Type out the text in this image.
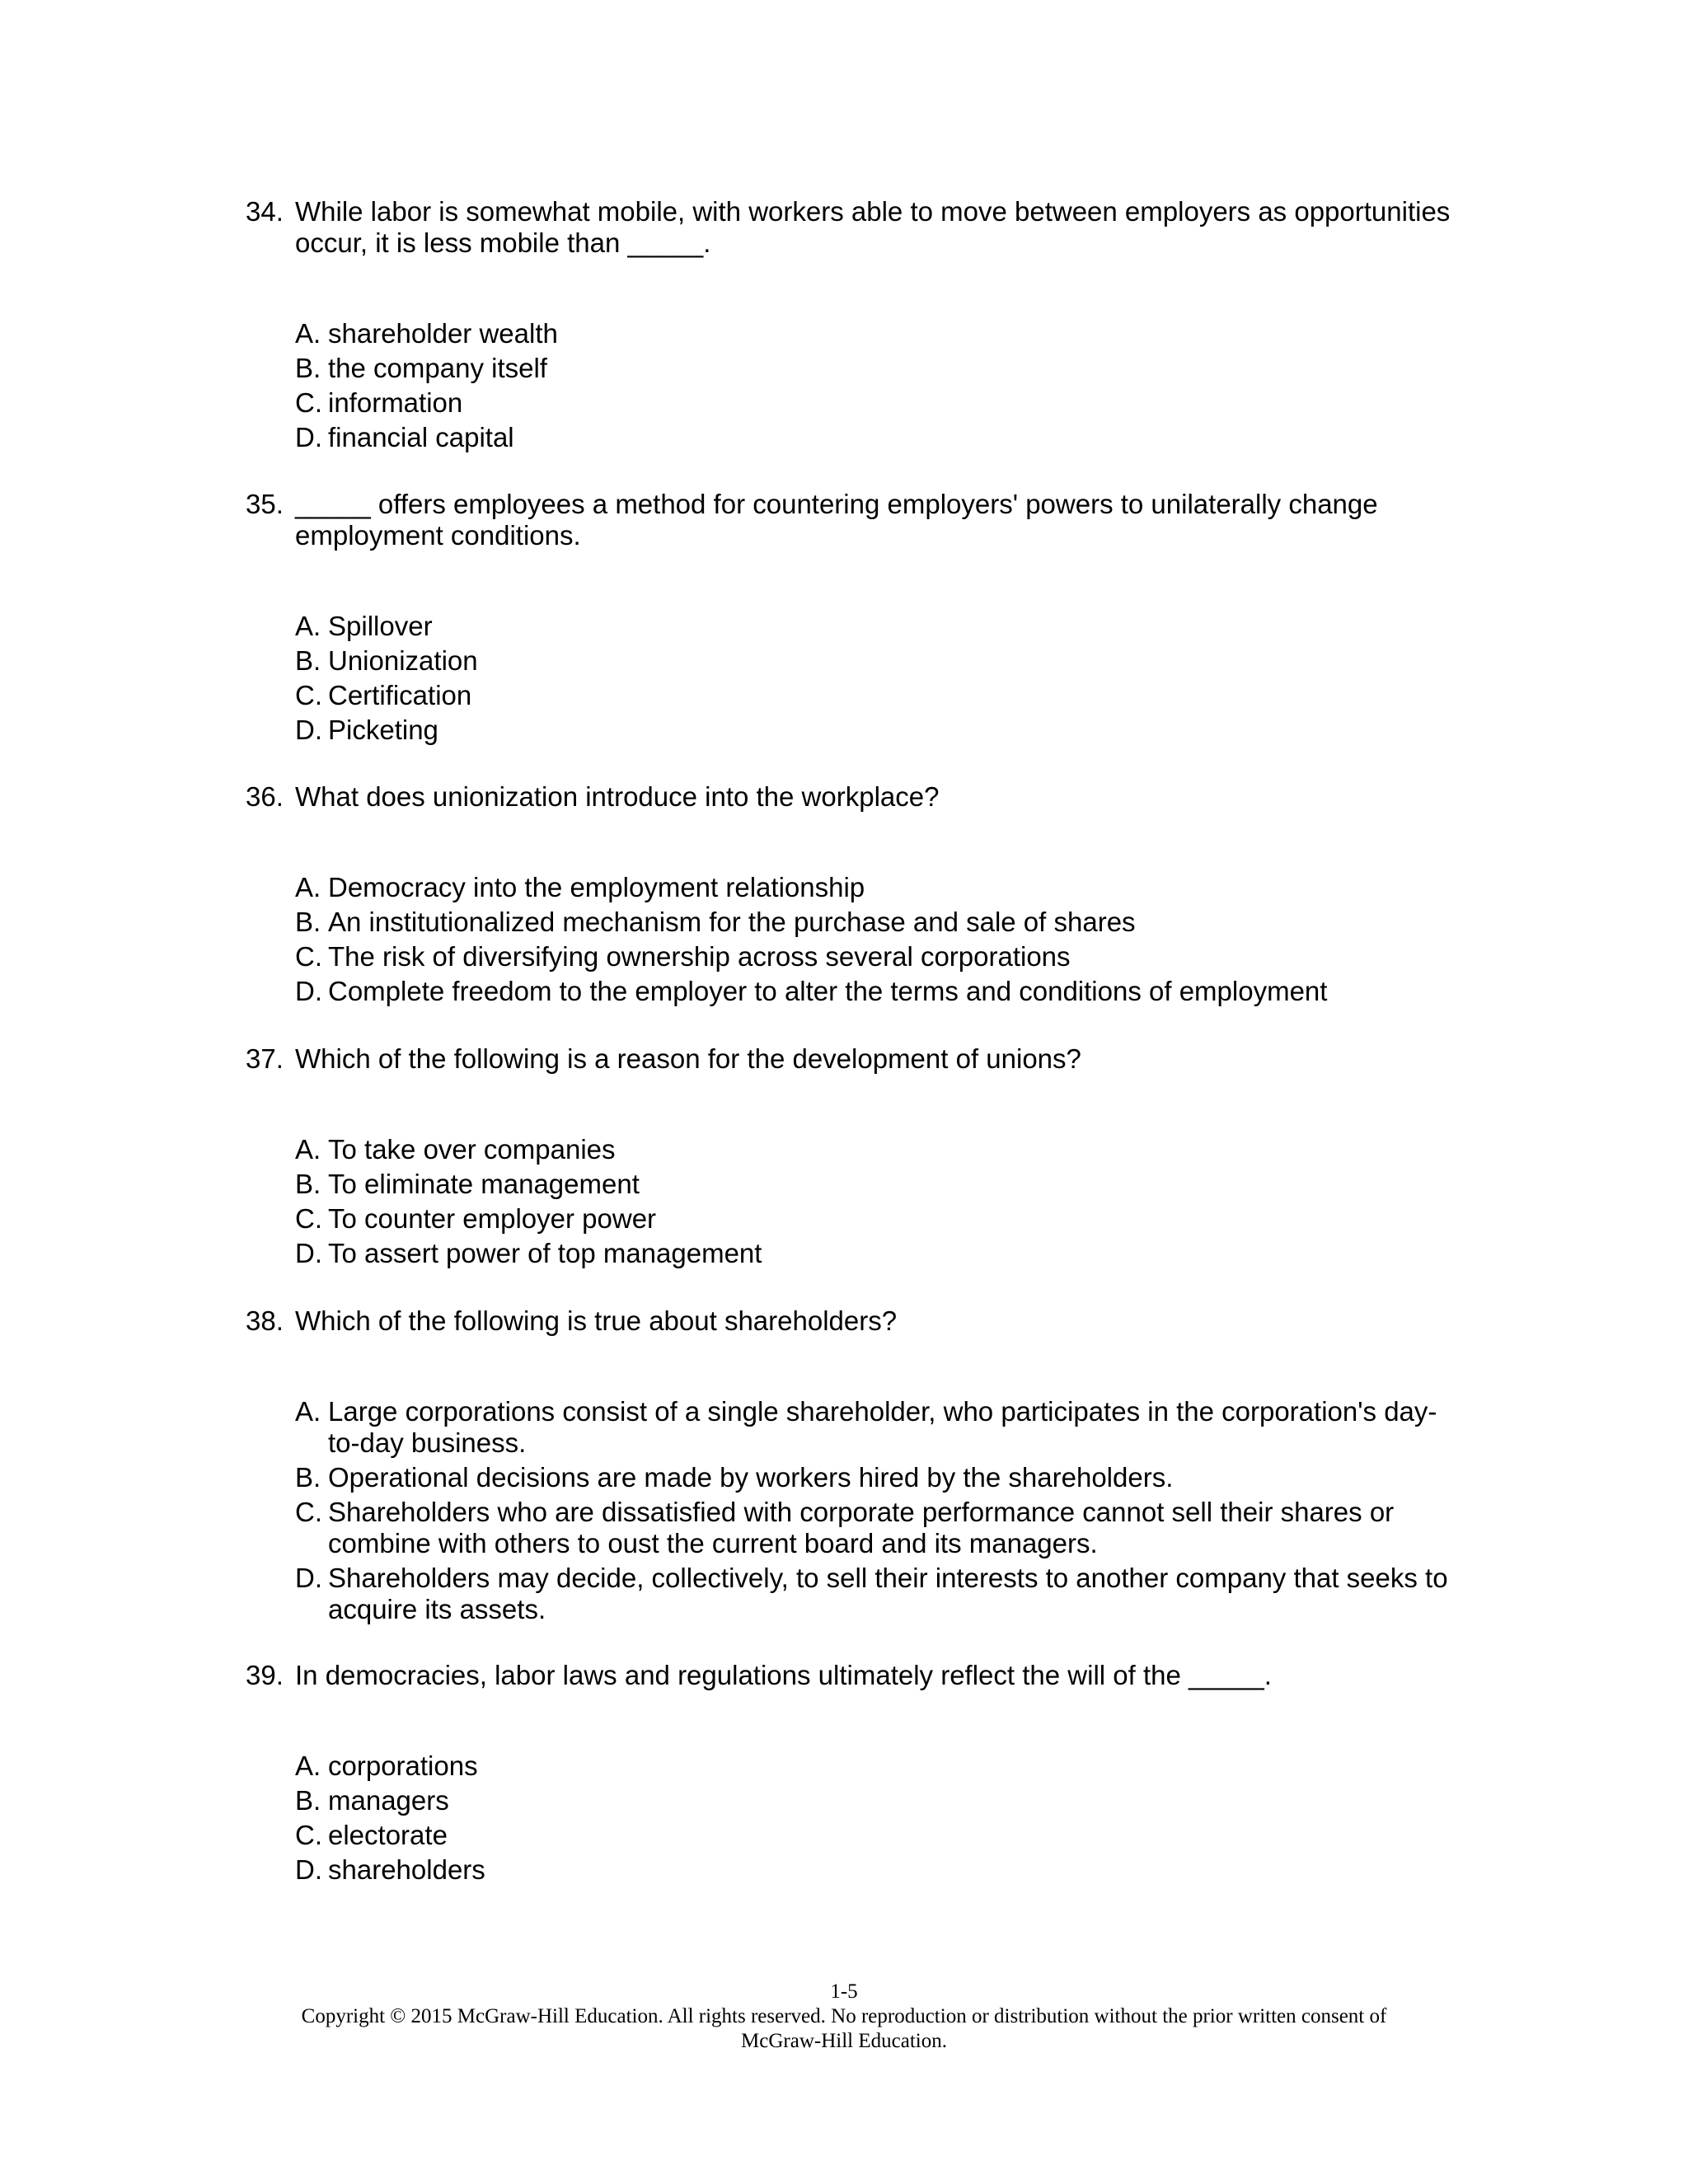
34. While labor is somewhat mobile, with workers able to move between employers as opportunities occur, it is less mobile than _____.
A. shareholder wealth
B. the company itself
C. information
D. financial capital
35. _____ offers employees a method for countering employers' powers to unilaterally change employment conditions.
A. Spillover
B. Unionization
C. Certification
D. Picketing
36. What does unionization introduce into the workplace?
A. Democracy into the employment relationship
B. An institutionalized mechanism for the purchase and sale of shares
C. The risk of diversifying ownership across several corporations
D. Complete freedom to the employer to alter the terms and conditions of employment
37. Which of the following is a reason for the development of unions?
A. To take over companies
B. To eliminate management
C. To counter employer power
D. To assert power of top management
38. Which of the following is true about shareholders?
A. Large corporations consist of a single shareholder, who participates in the corporation's day-to-day business.
B. Operational decisions are made by workers hired by the shareholders.
C. Shareholders who are dissatisfied with corporate performance cannot sell their shares or combine with others to oust the current board and its managers.
D. Shareholders may decide, collectively, to sell their interests to another company that seeks to acquire its assets.
39. In democracies, labor laws and regulations ultimately reflect the will of the _____.
A. corporations
B. managers
C. electorate
D. shareholders
1-5
Copyright © 2015 McGraw-Hill Education. All rights reserved. No reproduction or distribution without the prior written consent of
McGraw-Hill Education.
